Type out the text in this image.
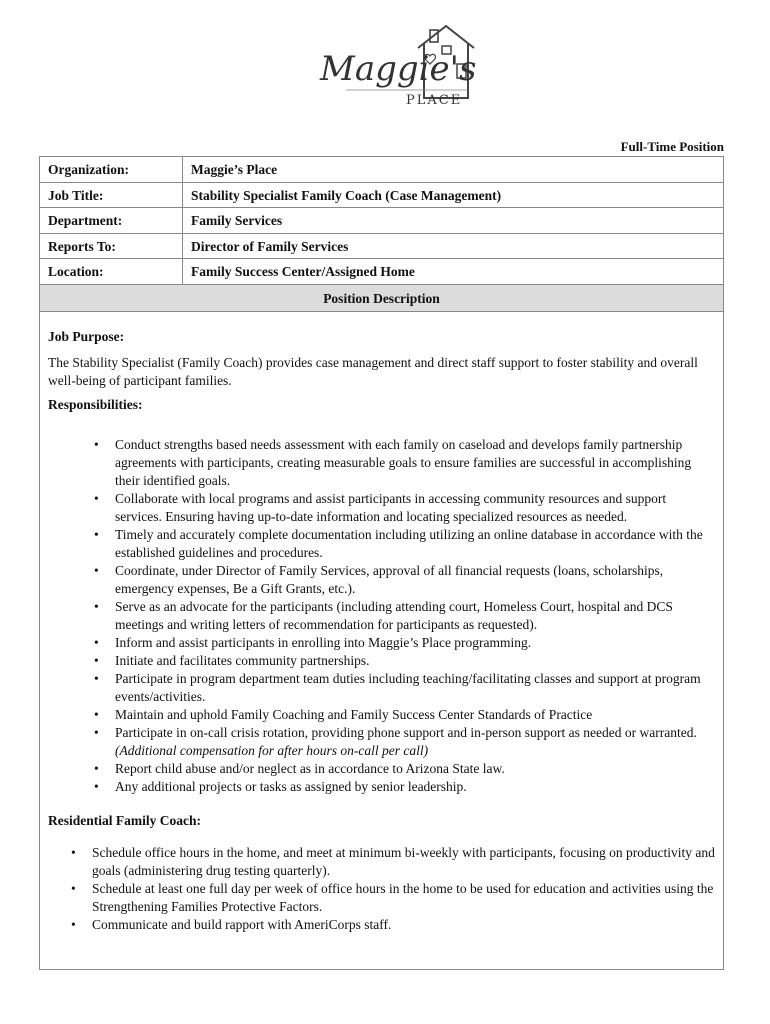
Maggie's
PLACE
Full-Time Position
Organization:	Maggie’s Place
Job Title:	Stability Specialist Family Coach (Case Management)
Department:	Family Services
Reports To:	Director of Family Services
Location:	Family Success Center/Assigned Home
Position Description

Job Purpose:

The Stability Specialist (Family Coach) provides case management and direct staff support to foster stability and overall well-being of participant families.

Responsibilities:

• Conduct strengths based needs assessment with each family on caseload and develops family partnership agreements with participants, creating measurable goals to ensure families are successful in accomplishing their identified goals.
• Collaborate with local programs and assist participants in accessing community resources and support services. Ensuring having up-to-date information and locating specialized resources as needed.
• Timely and accurately complete documentation including utilizing an online database in accordance with the established guidelines and procedures.
• Coordinate, under Director of Family Services, approval of all financial requests (loans, scholarships, emergency expenses, Be a Gift Grants, etc.).
• Serve as an advocate for the participants (including attending court, Homeless Court, hospital and DCS meetings and writing letters of recommendation for participants as requested).
• Inform and assist participants in enrolling into Maggie’s Place programming.
• Initiate and facilitates community partnerships.
• Participate in program department team duties including teaching/facilitating classes and support at program events/activities.
• Maintain and uphold Family Coaching and Family Success Center Standards of Practice
• Participate in on-call crisis rotation, providing phone support and in-person support as needed or warranted. (Additional compensation for after hours on-call per call)
• Report child abuse and/or neglect as in accordance to Arizona State law.
• Any additional projects or tasks as assigned by senior leadership.

Residential Family Coach:

• Schedule office hours in the home, and meet at minimum bi-weekly with participants, focusing on productivity and goals (administering drug testing quarterly).
• Schedule at least one full day per week of office hours in the home to be used for education and activities using the Strengthening Families Protective Factors.
• Communicate and build rapport with AmeriCorps staff.
